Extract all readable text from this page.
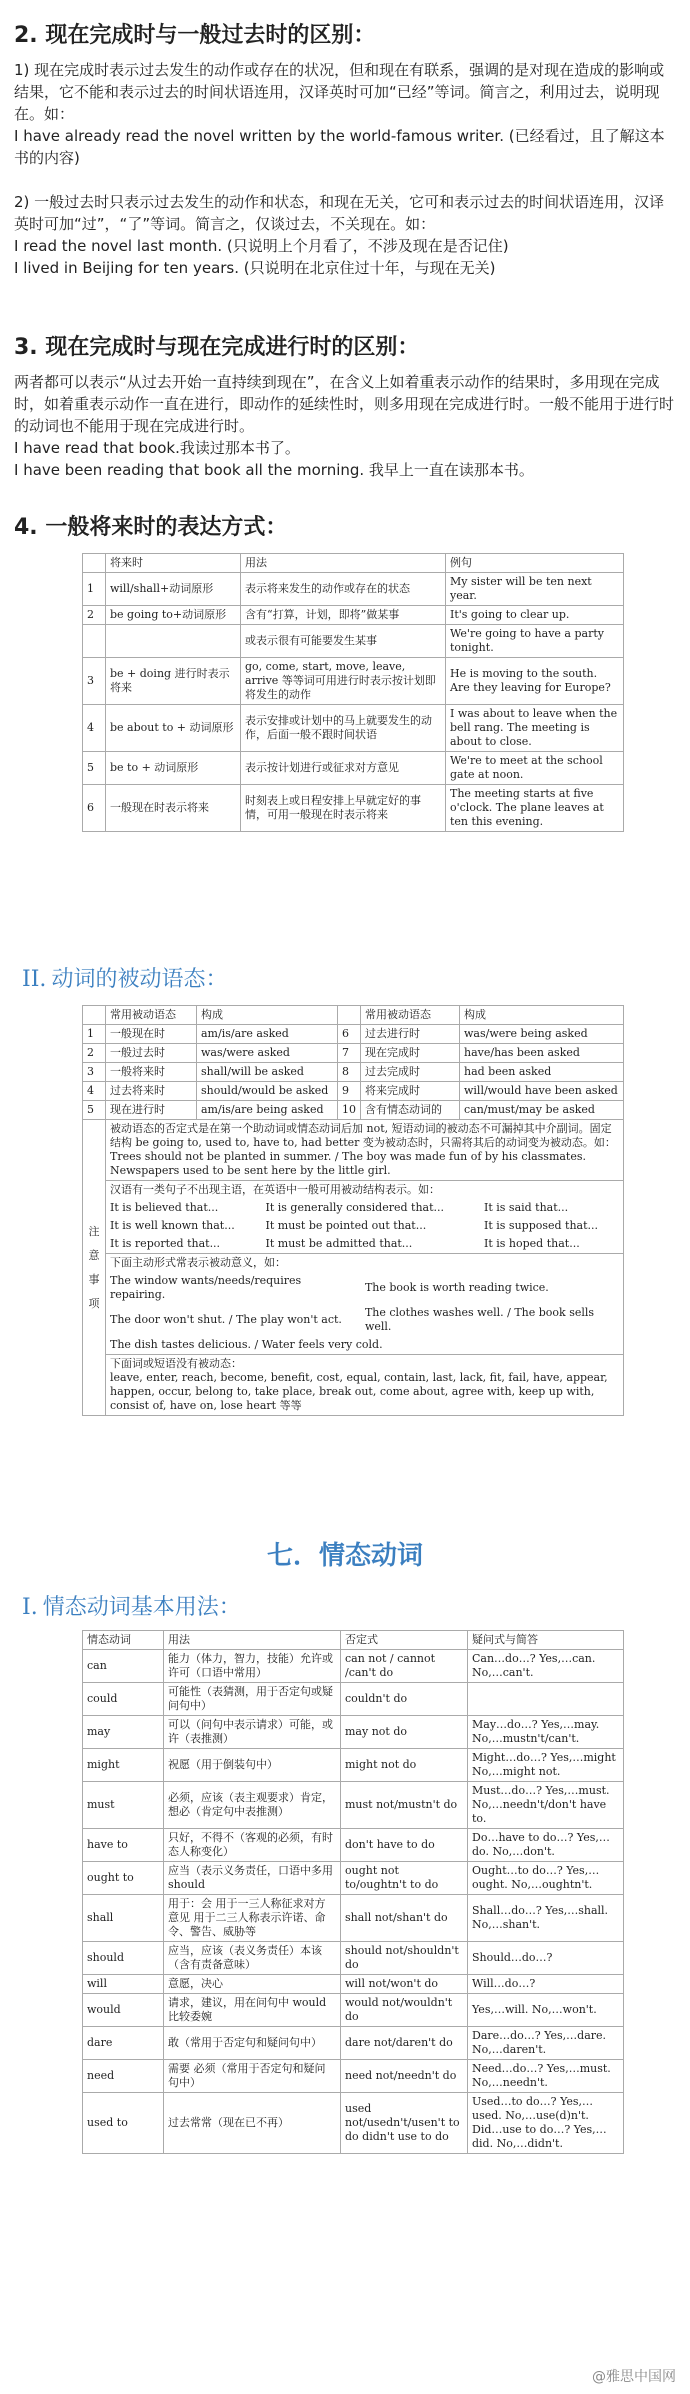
2. 现在完成时与一般过去时的区别：

1) 现在完成时表示过去发生的动作或存在的状况，但和现在有联系，强调的是对现在造成的影响或结果，它不能和表示过去的时间状语连用，汉译英时可加“已经”等词。简言之，利用过去，说明现在。如：

I have already read the novel written by the world-famous writer. (已经看过，且了解这本书的内容)

2) 一般过去时只表示过去发生的动作和状态，和现在无关，它可和表示过去的时间状语连用，汉译英时可加“过”，“了”等词。简言之，仅谈过去，不关现在。如：

I read the novel last month. (只说明上个月看了，不涉及现在是否记住)

I lived in Beijing for ten years. (只说明在北京住过十年，与现在无关)

3. 现在完成时与现在完成进行时的区别：

两者都可以表示“从过去开始一直持续到现在”，在含义上如着重表示动作的结果时，多用现在完成时，如着重表示动作一直在进行，即动作的延续性时，则多用现在完成进行时。一般不能用于进行时的动词也不能用于现在完成进行时。

I have read that book.我读过那本书了。

I have been reading that book all the morning. 我早上一直在读那本书。

4. 一般将来时的表达方式：
	将来时	用法	例句
1	will/shall+动词原形	表示将来发生的动作或存在的状态	My sister will be ten next year.
2	be going to+动词原形	含有“打算，计划，即将”做某事	It's going to clear up.
		或表示很有可能要发生某事	We're going to have a party tonight.
3	be + doing 进行时表示将来	go, come, start, move, leave, arrive 等等词可用进行时表示按计划即将发生的动作	He is moving to the south. Are they leaving for Europe?
4	be about to + 动词原形	表示安排或计划中的马上就要发生的动作，后面一般不跟时间状语	I was about to leave when the bell rang. The meeting is about to close.
5	be to + 动词原形	表示按计划进行或征求对方意见	We're to meet at the school gate at noon.
6	一般现在时表示将来	时刻表上或日程安排上早就定好的事情，可用一般现在时表示将来	The meeting starts at five o'clock. The plane leaves at ten this evening.
II. 动词的被动语态：
	常用被动语态	构成		常用被动语态	构成
1	一般现在时	am/is/are asked	6	过去进行时	was/were being asked
2	一般过去时	was/were asked	7	现在完成时	have/has been asked
3	一般将来时	shall/will be asked	8	过去完成时	had been asked
4	过去将来时	should/would be asked	9	将来完成时	will/would have been asked
5	现在进行时	am/is/are being asked	10	含有情态动词的	can/must/may be asked
注意事项	被动语态的否定式是在第一个助动词或情态动词后加 not, 短语动词的被动态不可漏掉其中介副词。固定结构 be going to, used to, have to, had better 变为被动态时，只需将其后的动词变为被动态。如：Trees should not be planted in summer. / The boy was made fun of by his classmates. Newspapers used to be sent here by the little girl.

汉语有一类句子不出现主语，在英语中一般可用被动结构表示。如：
It is believed that...	It is generally considered that...	It is said that...
It is well known that...	It must be pointed out that...	It is supposed that...
It is reported that...	It must be admitted that...	It is hoped that...

下面主动形式常表示被动意义，如：
The window wants/needs/requires repairing.	The book is worth reading twice.
The door won't shut. / The play won't act.	The clothes washes well. / The book sells well.
The dish tastes delicious. / Water feels very cold.

下面词或短语没有被动态：
leave, enter, reach, become, benefit, cost, equal, contain, last, lack, fit, fail, have, appear, happen, occur, belong to, take place, break out, come about, agree with, keep up with, consist of, have on, lose heart 等等
七．情态动词
I. 情态动词基本用法：
情态动词	用法	否定式	疑问式与简答
can	能力（体力，智力，技能）允许或许可（口语中常用）	can not / cannot /can't do	Can…do…? Yes,…can. No,…can't.
could	可能性（表猜测，用于否定句或疑问句中）	couldn't do	
may	可以（问句中表示请求）可能，或许（表推测）	may not do	May…do…? Yes,…may. No,…mustn't/can't.
might	祝愿（用于倒装句中）	might not do	Might…do…? Yes,…might No,…might not.
must	必须，应该（表主观要求）肯定，想必（肯定句中表推测）	must not/mustn't do	Must…do…? Yes,…must. No,…needn't/don't have to.
have to	只好，不得不（客观的必须，有时态人称变化）	don't have to do	Do…have to do…? Yes,…do. No,…don't.
ought to	应当（表示义务责任，口语中多用 should	ought not to/oughtn't to do	Ought…to do…? Yes,…ought. No,…oughtn't.
shall	用于：会 用于一三人称征求对方意见 用于二三人称表示许诺、命令、警告、威胁等	shall not/shan't do	Shall…do…? Yes,…shall. No,…shan't.
should	应当，应该（表义务责任）本该（含有责备意味）	should not/shouldn't do	Should…do…?
will	意愿，决心	will not/won't do	Will…do…?
would	请求，建议，用在问句中 would 比较委婉	would not/wouldn't do	Yes,…will. No,…won't.
dare	敢（常用于否定句和疑问句中）	dare not/daren't do	Dare…do…? Yes,…dare. No,…daren't.
need	需要 必须（常用于否定句和疑问句中）	need not/needn't do	Need…do…? Yes,…must. No,…needn't.
used to	过去常常（现在已不再）	used not/usedn't/usen't to do didn't use to do	Used…to do…? Yes,…used. No,…use(d)n't. Did…use to do…? Yes,…did. No,…didn't.
@雅思中国网
